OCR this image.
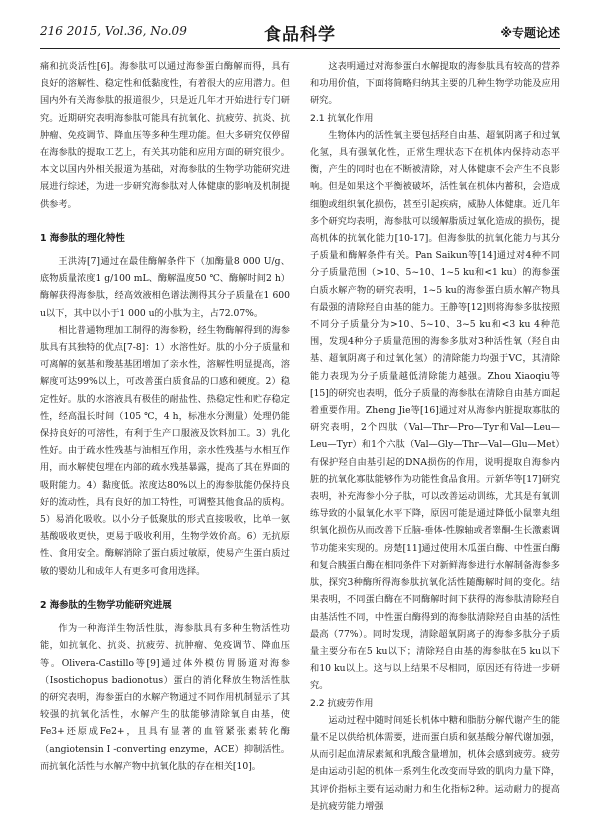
216 2015, Vol.36, No.09	食品科学	※专题论述

痛和抗炎活性[6]。海参肽可以通过海参蛋白酶解而得，具有良好的溶解性、稳定性和低黏度性，有着很大的应用潜力。但国内外有关海参肽的报道很少，只是近几年才开始进行专门研究。近期研究表明海参肽可能具有抗氧化、抗疲劳、抗炎、抗肿瘤、免疫调节、降血压等多种生理功能。但大多研究仅停留在海参肽的提取工艺上，有关其功能和应用方面的研究很少。本文以国内外相关报道为基础，对海参肽的生物学功能研究进展进行综述，为进一步研究海参肽对人体健康的影响及机制提供参考。

1 海参肽的理化特性

王洪涛[7]通过在最佳酶解条件下（加酶量8 000 U/g、底物质量浓度1 g/100 mL、酶解温度50 ℃、酶解时间2 h）酶解获得海参肽，经高效液相色谱法测得其分子质量在1 600 u以下，其中以小于1 000 u的小肽为主，占72.07%。

相比普通物理加工制得的海参粉，经生物酶解得到的海参肽具有其独特的优点[7-8]：1）水溶性好。肽的小分子质量和可离解的氨基和羧基基团增加了亲水性，溶解性明显提高，溶解度可达99%以上，可改善蛋白质食品的口感和硬度。2）稳定性好。肽的水溶液具有极佳的耐盐性、热稳定性和贮存稳定性，经高温长时间（105 ℃，4 h，标准水分测量）处理仍能保持良好的可溶性，有利于生产口服液及饮料加工。3）乳化性好。由于疏水性残基与油相互作用，亲水性残基与水相互作用，而水解使包埋在内部的疏水残基暴露，提高了其在界面的吸附能力。4）黏度低。浓度达80%以上的海参肽能仍保持良好的流动性，具有良好的加工特性，可调整其他食品的质构。5）易消化吸收。以小分子低聚肽的形式直接吸收，比单一氨基酸吸收更快，更易于吸收利用，生物学效价高。6）无抗原性、食用安全。酶解消除了蛋白质过敏原，使易产生蛋白质过敏的婴幼儿和成年人有更多可食用选择。

2 海参肽的生物学功能研究进展

作为一种海洋生物活性肽，海参肽具有多种生物活性功能，如抗氧化、抗炎、抗疲劳、抗肿瘤、免疫调节、降血压等。Olivera-Castillo等[9]通过体外模仿胃肠道对海参（Isostichopus badionotus）蛋白的消化释放生物活性肽的研究表明，海参蛋白的水解产物通过不同作用机制显示了其较强的抗氧化活性，水解产生的肽能够清除氧自由基，使Fe3+还原成Fe2+，且具有显著的血管紧张素转化酶（angiotensin I -converting enzyme，ACE）抑制活性。而抗氧化活性与水解产物中抗氧化肽的存在相关[10]。

这表明通过对海参蛋白水解提取的海参肽具有较高的营养和功用价值，下面将简略归纳其主要的几种生物学功能及应用研究。

2.1 抗氧化作用

生物体内的活性氧主要包括羟自由基、超氧阴离子和过氧化氢，具有强氧化性，正常生理状态下在机体内保持动态平衡，产生的同时也在不断被清除，对人体健康不会产生不良影响。但是如果这个平衡被破坏，活性氧在机体内蓄积，会造成细胞或组织氧化损伤，甚至引起疾病，威胁人体健康。近几年多个研究均表明，海参肽可以缓解脂质过氧化造成的损伤，提高机体的抗氧化能力[10-17]。但海参肽的抗氧化能力与其分子质量和酶解条件有关。Pan Saikun等[14]通过对4种不同分子质量范围（>10、5~10、1~5 ku和<1 ku）的海参蛋白质水解产物的研究表明，1~5 ku的海参蛋白质水解产物具有最强的清除羟自由基的能力。王静等[12]则将海参多肽按照不同分子质量分为>10、5~10、3~5 ku和<3 ku 4种范围，发现4种分子质量范围的海参多肽对3种活性氧（羟自由基、超氧阴离子和过氧化氢）的清除能力均强于VC，其清除能力表现为分子质量越低清除能力越强。Zhou Xiaoqiu等[15]的研究也表明，低分子质量的海参肽在清除自由基方面起着重要作用。Zheng Jie等[16]通过对从海参内脏提取寡肽的研究表明，2个四肽（Val—Thr—Pro—Tyr和Val—Leu—Leu—Tyr）和1个六肽（Val—Gly—Thr—Val—Glu—Met）有保护羟自由基引起的DNA损伤的作用，说明提取自海参内脏的抗氧化寡肽能够作为功能性食品食用。亓新华等[17]研究表明，补充海参小分子肽，可以改善运动训练，尤其是有氧训练导致的小鼠氧化水平下降，原因可能是通过降低小鼠睾丸组织氧化损伤从而改善下丘脑-垂体-性腺轴或者睾酮-生长激素调节功能来实现的。房楚[11]通过使用木瓜蛋白酶、中性蛋白酶和复合胰蛋白酶在相同条件下对新鲜海参进行水解制备海参多肽，探究3种酶所得海参肽抗氧化活性随酶解时间的变化。结果表明，不同蛋白酶在不同酶解时间下获得的海参肽清除羟自由基活性不同，中性蛋白酶得到的海参肽清除羟自由基的活性最高（77%）。同时发现，清除超氧阴离子的海参多肽分子质量主要分布在5 ku以下；清除羟自由基的海参肽在5 ku以下和10 ku以上。这与以上结果不尽相同，原因还有待进一步研究。

2.2 抗疲劳作用

运动过程中随时间延长机体中糖和脂肪分解代谢产生的能量不足以供给机体需要，进而蛋白质和氨基酸分解代谢加强，从而引起血清尿素氮和乳酸含量增加，机体会感到疲劳。疲劳是由运动引起的机体一系列生化改变而导致的肌肉力量下降，其评价指标主要有运动耐力和生化指标2种。运动耐力的提高是抗疲劳能力增强
